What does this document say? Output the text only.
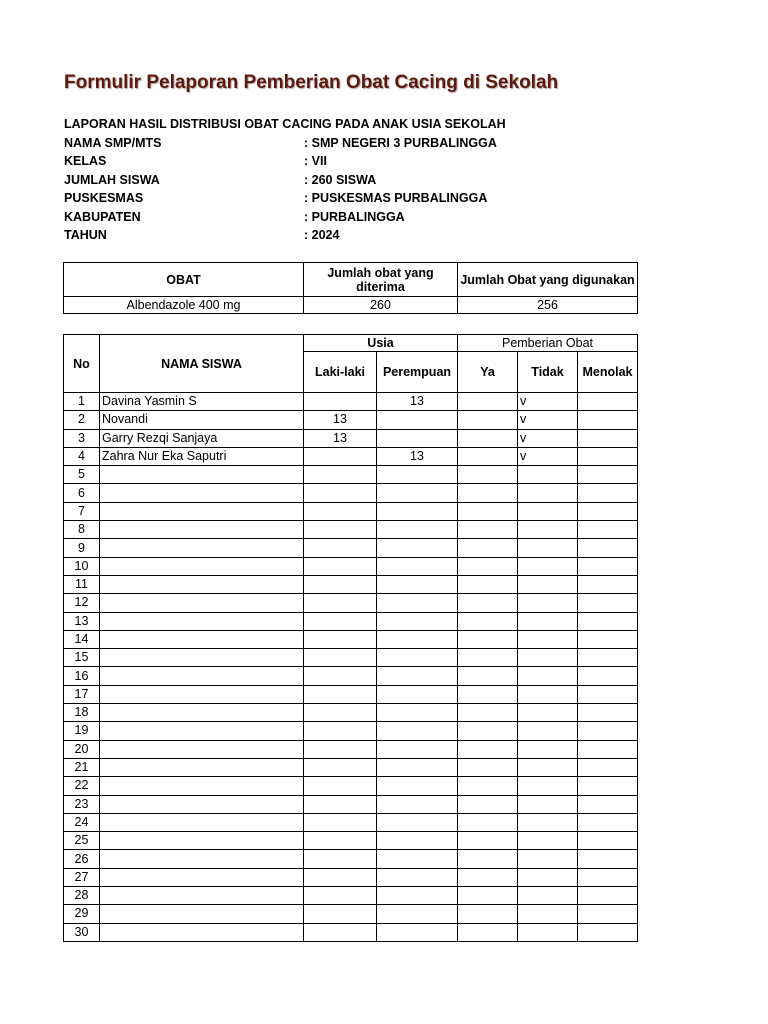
Formulir Pelaporan Pemberian Obat Cacing di Sekolah
LAPORAN HASIL DISTRIBUSI OBAT CACING PADA ANAK USIA SEKOLAH
NAMA SMP/MTS	: SMP NEGERI 3 PURBALINGGA
KELAS	: VII
JUMLAH SISWA	: 260 SISWA
PUSKESMAS	: PUSKESMAS PURBALINGGA
KABUPATEN	: PURBALINGGA
TAHUN	: 2024
OBAT	Jumlah obat yang diterima	Jumlah Obat yang digunakan
Albendazole 400 mg	260	256
No	NAMA SISWA	Usia		Pemberian Obat		
		Laki-laki	Perempuan	Ya	Tidak	Menolak
1	Davina Yasmin S		13		v	
2	Novandi	13			v	
3	Garry Rezqi Sanjaya	13			v	
4	Zahra Nur Eka Saputri		13		v	
5						
6						
7						
8						
9						
10						
11						
12						
13						
14						
15						
16						
17						
18						
19						
20						
21						
22						
23						
24						
25						
26						
27						
28						
29						
30						
